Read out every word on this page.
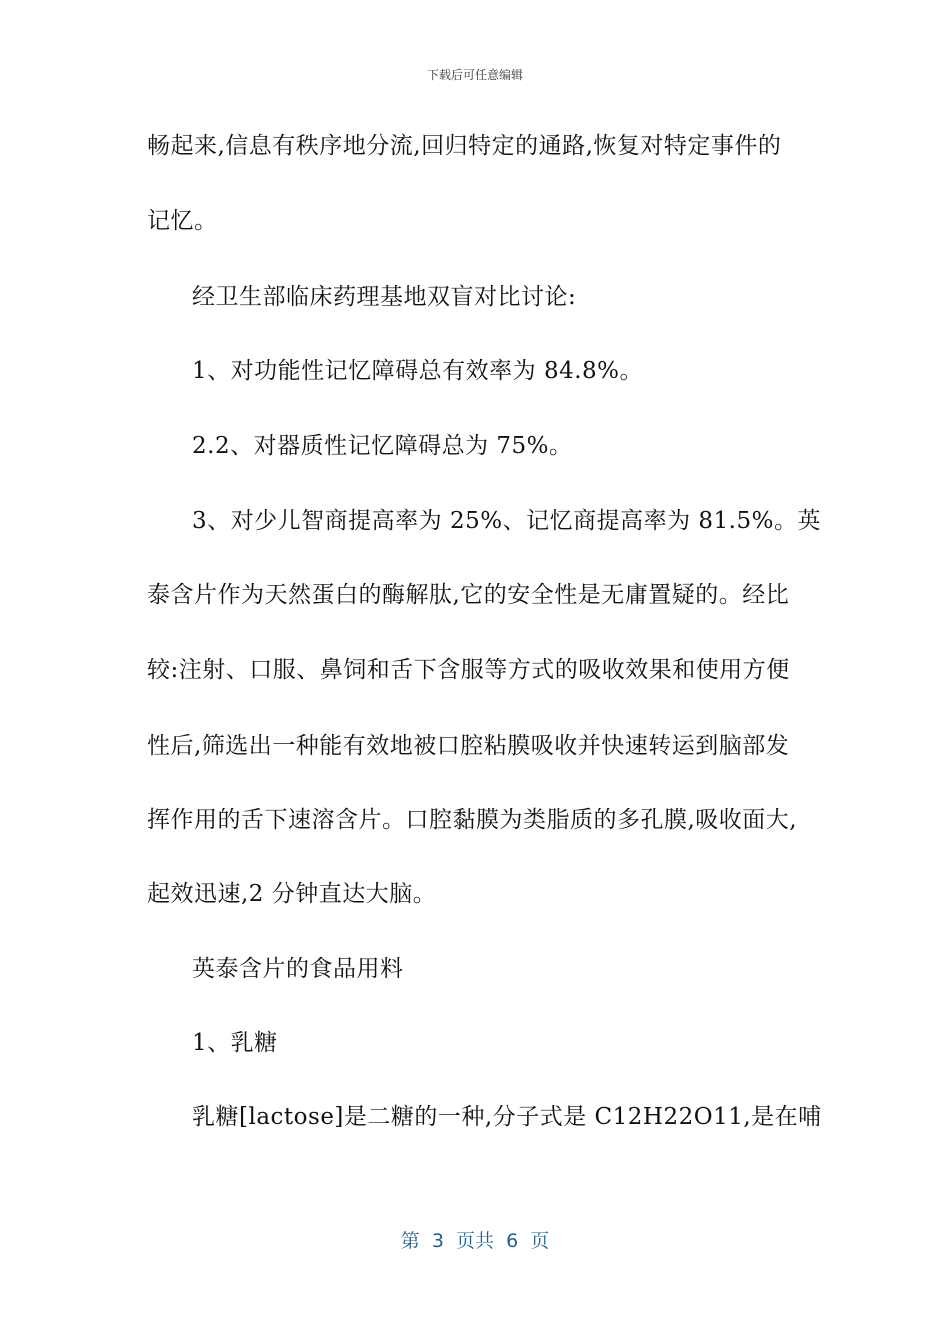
下载后可任意编辑
畅起来,信息有秩序地分流,回归特定的通路,恢复对特定事件的
记忆。
经卫生部临床药理基地双盲对比讨论:
1、对功能性记忆障碍总有效率为 84.8%。
2.2、对器质性记忆障碍总为 75%。
3、对少儿智商提高率为 25%、记忆商提高率为 81.5%。英
泰含片作为天然蛋白的酶解肽,它的安全性是无庸置疑的。经比
较:注射、口服、鼻饲和舌下含服等方式的吸收效果和使用方便
性后,筛选出一种能有效地被口腔粘膜吸收并快速转运到脑部发
挥作用的舌下速溶含片。口腔黏膜为类脂质的多孔膜,吸收面大,
起效迅速,2 分钟直达大脑。
英泰含片的食品用料
1、乳糖
乳糖[lactose]是二糖的一种,分子式是 C12H22O11,是在哺
第  3  页共  6  页
